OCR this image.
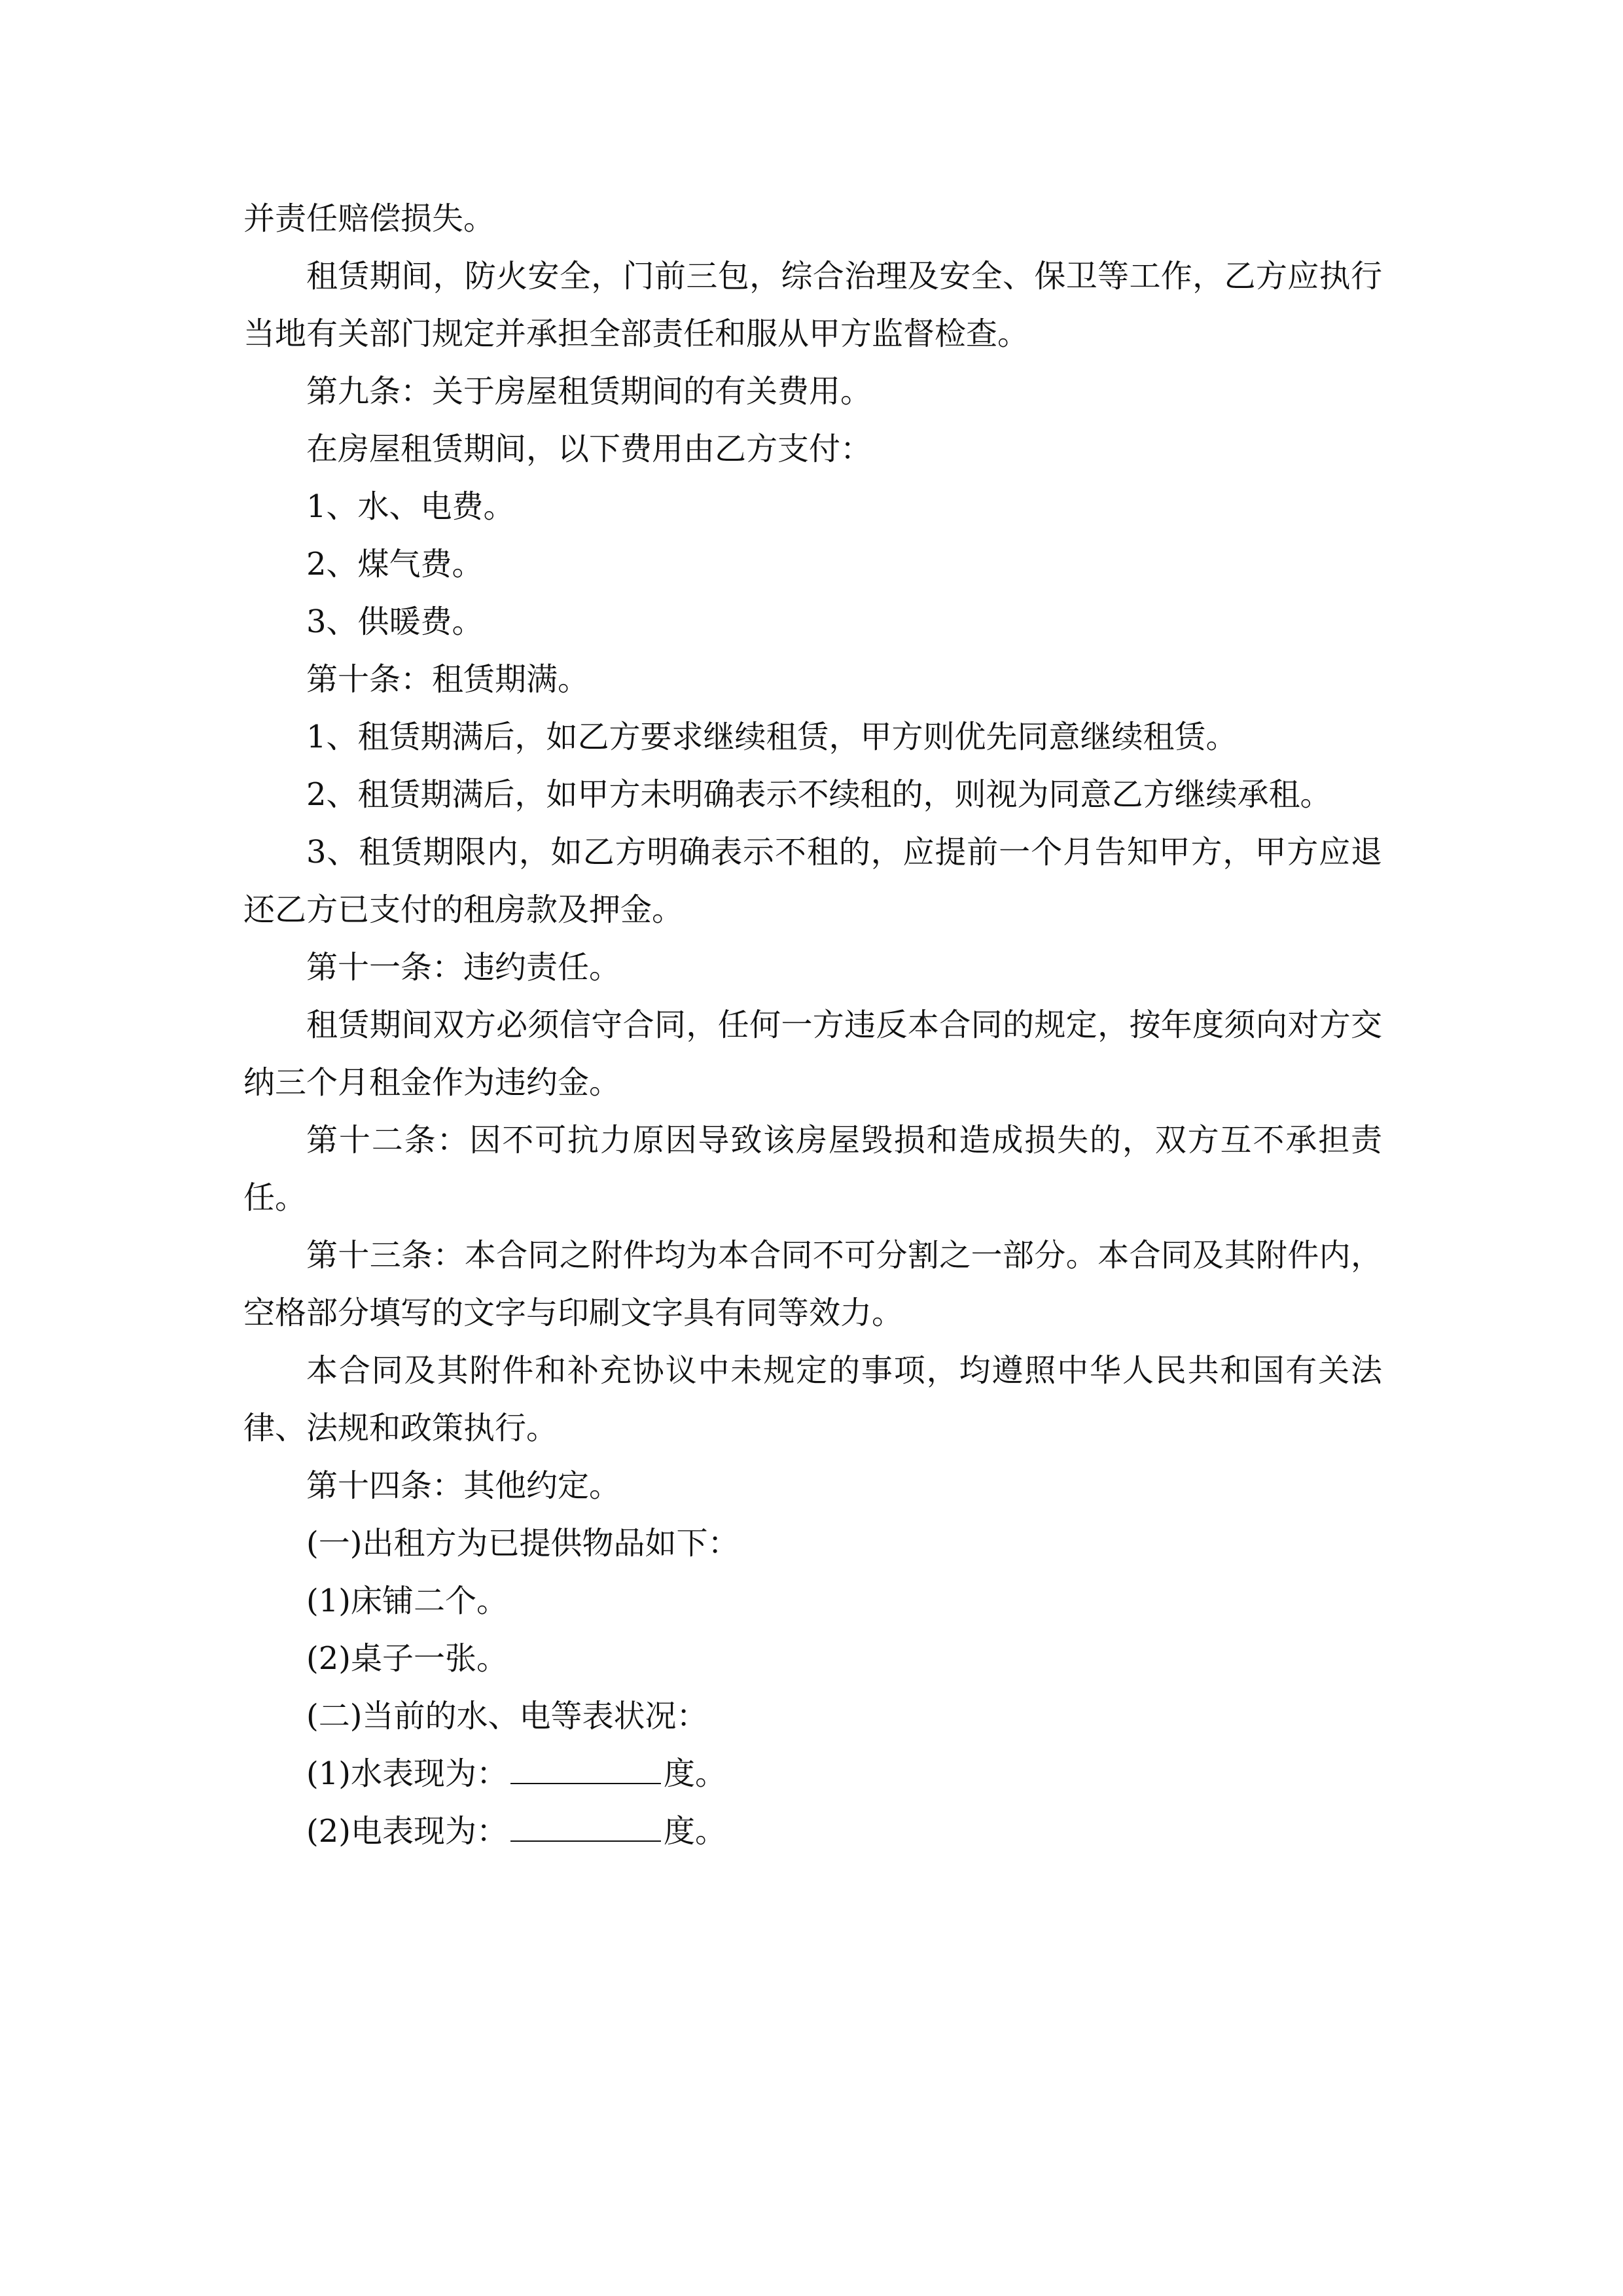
并责任赔偿损失。

租赁期间，防火安全，门前三包，综合治理及安全、保卫等工作，乙方应执行当地有关部门规定并承担全部责任和服从甲方监督检查。

第九条：关于房屋租赁期间的有关费用。

在房屋租赁期间，以下费用由乙方支付：

1、水、电费。

2、煤气费。

3、供暖费。

第十条：租赁期满。

1、租赁期满后，如乙方要求继续租赁，甲方则优先同意继续租赁。

2、租赁期满后，如甲方未明确表示不续租的，则视为同意乙方继续承租。

3、租赁期限内，如乙方明确表示不租的，应提前一个月告知甲方，甲方应退还乙方已支付的租房款及押金。

第十一条：违约责任。

租赁期间双方必须信守合同，任何一方违反本合同的规定，按年度须向对方交纳三个月租金作为违约金。

第十二条：因不可抗力原因导致该房屋毁损和造成损失的，双方互不承担责任。

第十三条：本合同之附件均为本合同不可分割之一部分。本合同及其附件内，空格部分填写的文字与印刷文字具有同等效力。

本合同及其附件和补充协议中未规定的事项，均遵照中华人民共和国有关法律、法规和政策执行。

第十四条：其他约定。

(一)出租方为已提供物品如下：

(1)床铺二个。

(2)桌子一张。

(二)当前的水、电等表状况：

(1)水表现为：	度。

(2)电表现为：	度。
